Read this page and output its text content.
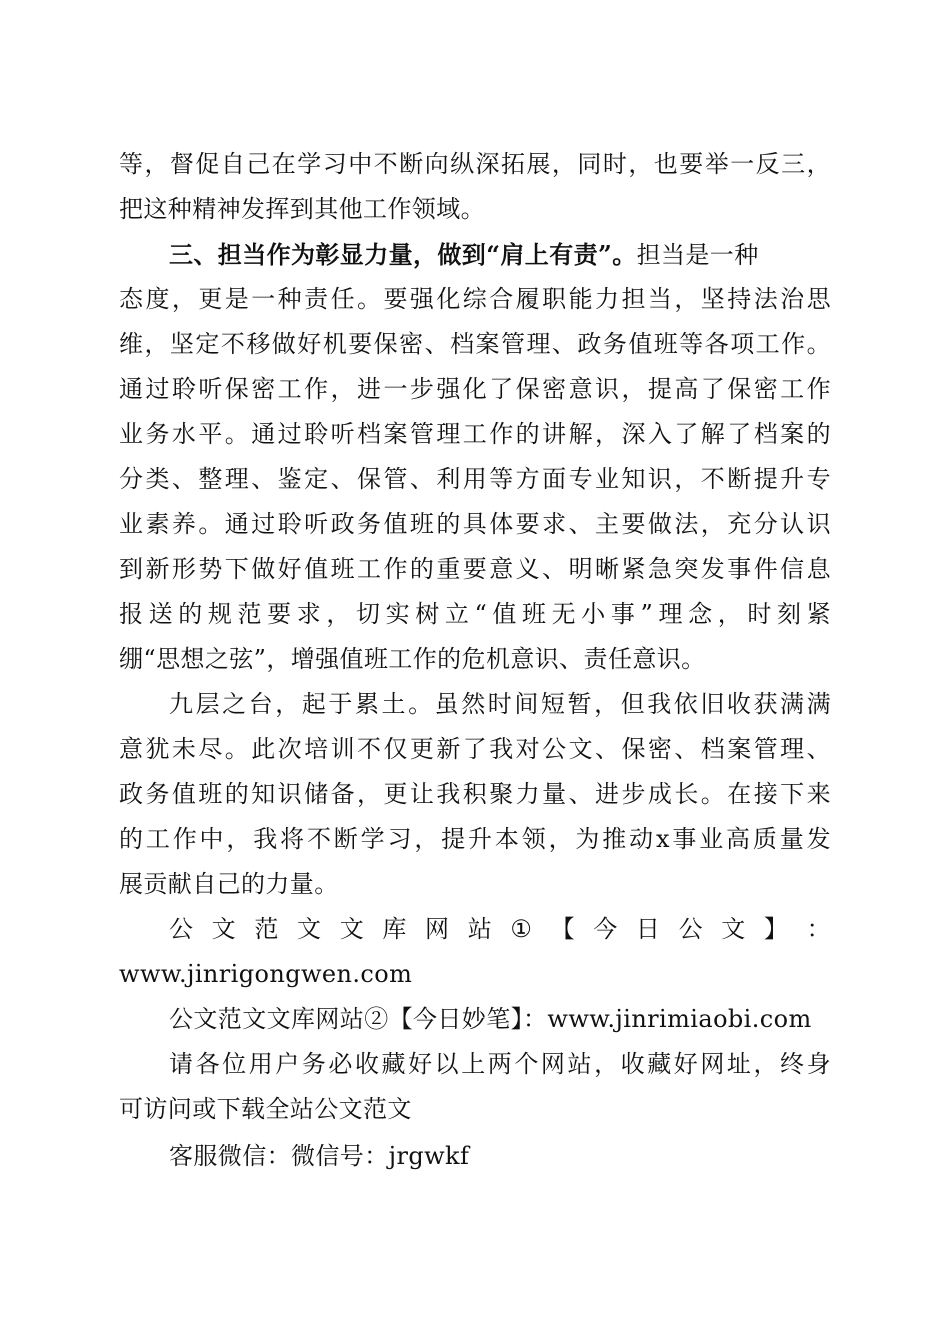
等，督促自己在学习中不断向纵深拓展，同时，也要举一反三，
把这种精神发挥到其他工作领域。
三、担当作为彰显力量，做到“肩上有责”。担当是一种
态度，更是一种责任。要强化综合履职能力担当，坚持法治思
维，坚定不移做好机要保密、档案管理、政务值班等各项工作。
通过聆听保密工作，进一步强化了保密意识，提高了保密工作
业务水平。通过聆听档案管理工作的讲解，深入了解了档案的
分类、整理、鉴定、保管、利用等方面专业知识，不断提升专
业素养。通过聆听政务值班的具体要求、主要做法，充分认识
到新形势下做好值班工作的重要意义、明晰紧急突发事件信息
报送的规范要求，切实树立“值班无小事”理念，时刻紧
绷“思想之弦”，增强值班工作的危机意识、责任意识。
九层之台，起于累土。虽然时间短暂，但我依旧收获满满
意犹未尽。此次培训不仅更新了我对公文、保密、档案管理、
政务值班的知识储备，更让我积聚力量、进步成长。在接下来
的工作中，我将不断学习，提升本领，为推动x事业高质量发
展贡献自己的力量。
公 文 范 文 文 库 网 站 ① 【 今 日 公 文 】 ：
www.jinrigongwen.com
公文范文文库网站②【今日妙笔】：www.jinrimiaobi.com
请各位用户务必收藏好以上两个网站，收藏好网址，终身
可访问或下载全站公文范文
客服微信：微信号：jrgwkf
